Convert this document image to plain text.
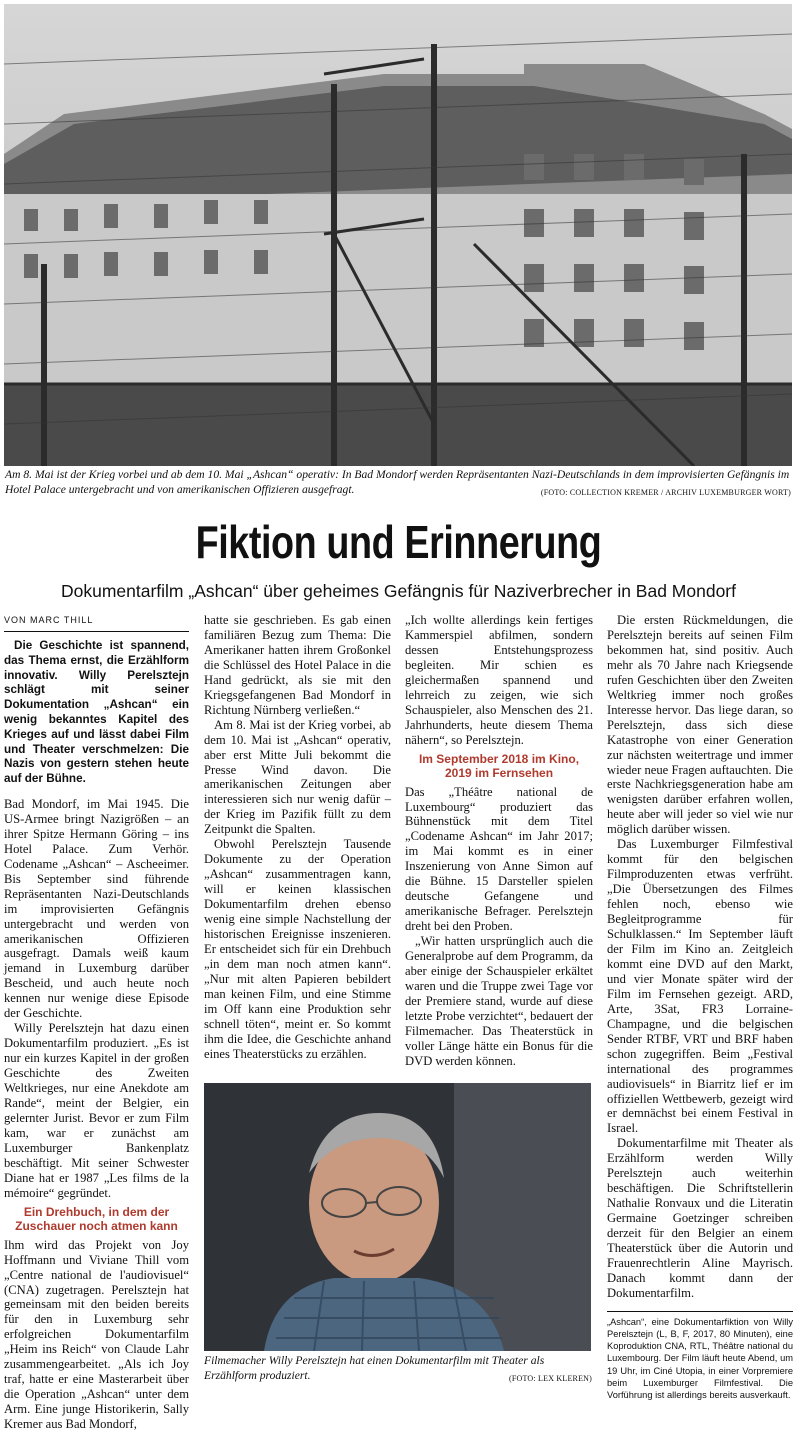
Am 8. Mai ist der Krieg vorbei und ab dem 10. Mai „Ashcan“ operativ: In Bad Mondorf werden Repräsentanten Nazi-Deutschlands in dem improvisierten Gefängnis im Hotel Palace untergebracht und von amerikanischen Offizieren ausgefragt.	(FOTO: COLLECTION KREMER / ARCHIV LUXEMBURGER WORT)
Fiktion und Erinnerung
Dokumentarfilm „Ashcan“ über geheimes Gefängnis für Naziverbrecher in Bad Mondorf
VON MARC THILL

Die Geschichte ist spannend, das Thema ernst, die Erzählform innovativ. Willy Perelsztejn schlägt mit seiner Dokumentation „Ashcan“ ein wenig bekanntes Kapitel des Krieges auf und lässt dabei Film und Theater verschmelzen: Die Nazis von gestern stehen heute auf der Bühne.

Bad Mondorf, im Mai 1945. Die US-Armee bringt Nazigrößen – an ihrer Spitze Hermann Göring – ins Hotel Palace. Zum Verhör. Codename „Ashcan“ – Ascheeimer. Bis September sind führende Repräsentanten Nazi-Deutschlands im improvisierten Gefängnis untergebracht und werden von amerikanischen Offizieren ausgefragt. Damals weiß kaum jemand in Luxemburg darüber Bescheid, und auch heute noch kennen nur wenige diese Episode der Geschichte.

Willy Perelsztejn hat dazu einen Dokumentarfilm produziert. „Es ist nur ein kurzes Kapitel in der großen Geschichte des Zweiten Weltkrieges, nur eine Anekdote am Rande“, meint der Belgier, ein gelernter Jurist. Bevor er zum Film kam, war er zunächst am Luxemburger Bankenplatz beschäftigt. Mit seiner Schwester Diane hat er 1987 „Les films de la mémoire“ gegründet.

Ein Drehbuch, in dem der Zuschauer noch atmen kann

Ihm wird das Projekt von Joy Hoffmann und Viviane Thill vom „Centre national de l'audiovisuel“ (CNA) zugetragen. Perelsztejn hat gemeinsam mit den beiden bereits für den in Luxemburg sehr erfolgreichen Dokumentarfilm „Heim ins Reich“ von Claude Lahr zusammengearbeitet. „Als ich Joy traf, hatte er eine Masterarbeit über die Operation „Ashcan“ unter dem Arm. Eine junge Historikerin, Sally Kremer aus Bad Mondorf,

hatte sie geschrieben. Es gab einen familiären Bezug zum Thema: Die Amerikaner hatten ihrem Großonkel die Schlüssel des Hotel Palace in die Hand gedrückt, als sie mit den Kriegsgefangenen Bad Mondorf in Richtung Nürnberg verließen.“

Am 8. Mai ist der Krieg vorbei, ab dem 10. Mai ist „Ashcan“ operativ, aber erst Mitte Juli bekommt die Presse Wind davon. Die amerikanischen Zeitungen aber interessieren sich nur wenig dafür – der Krieg im Pazifik füllt zu dem Zeitpunkt die Spalten.

Obwohl Perelsztejn Tausende Dokumente zu der Operation „Ashcan“ zusammentragen kann, will er keinen klassischen Dokumentarfilm drehen ebenso wenig eine simple Nachstellung der historischen Ereignisse inszenieren. Er entscheidet sich für ein Drehbuch „in dem man noch atmen kann“. „Nur mit alten Papieren bebildert man keinen Film, und eine Stimme im Off kann eine Produktion sehr schnell töten“, meint er. So kommt ihm die Idee, die Geschichte anhand eines Theaterstücks zu erzählen.

„Ich wollte allerdings kein fertiges Kammerspiel abfilmen, sondern dessen Entstehungsprozess begleiten. Mir schien es gleichermaßen spannend und lehrreich zu zeigen, wie sich Schauspieler, also Menschen des 21. Jahrhunderts, heute diesem Thema nähern“, so Perelsztejn.

Im September 2018 im Kino, 2019 im Fernsehen

Das „Théâtre national de Luxembourg“ produziert das Bühnenstück mit dem Titel „Codename Ashcan“ im Jahr 2017; im Mai kommt es in einer Inszenierung von Anne Simon auf die Bühne. 15 Darsteller spielen deutsche Gefangene und amerikanische Befrager. Perelsztejn dreht bei den Proben.

„Wir hatten ursprünglich auch die Generalprobe auf dem Programm, da aber einige der Schauspieler erkältet waren und die Truppe zwei Tage vor der Premiere stand, wurde auf diese letzte Probe verzichtet“, bedauert der Filmemacher. Das Theaterstück in voller Länge hätte ein Bonus für die DVD werden können.

Die ersten Rückmeldungen, die Perelsztejn bereits auf seinen Film bekommen hat, sind positiv. Auch mehr als 70 Jahre nach Kriegsende rufen Geschichten über den Zweiten Weltkrieg immer noch großes Interesse hervor. Das liege daran, so Perelsztejn, dass sich diese Katastrophe von einer Generation zur nächsten weitertrage und immer wieder neue Fragen auftauchten. Die erste Nachkriegsgeneration habe am wenigsten darüber erfahren wollen, heute aber will jeder so viel wie nur möglich darüber wissen.

Das Luxemburger Filmfestival kommt für den belgischen Filmproduzenten etwas verfrüht. „Die Übersetzungen des Filmes fehlen noch, ebenso wie Begleitprogramme für Schulklassen.“ Im September läuft der Film im Kino an. Zeitgleich kommt eine DVD auf den Markt, und vier Monate später wird der Film im Fernsehen gezeigt. ARD, Arte, 3Sat, FR3 Lorraine-Champagne, und die belgischen Sender RTBF, VRT und BRF haben schon zugegriffen. Beim „Festival international des programmes audiovisuels“ in Biarritz lief er im offiziellen Wettbewerb, gezeigt wird er demnächst bei einem Festival in Israel.

Dokumentarfilme mit Theater als Erzählform werden Willy Perelsztejn auch weiterhin beschäftigen. Die Schriftstellerin Nathalie Ronvaux und die Literatin Germaine Goetzinger schreiben derzeit für den Belgier an einem Theaterstück über die Autorin und Frauenrechtlerin Aline Mayrisch. Danach kommt dann der Dokumentarfilm.

„Ashcan“, eine Dokumentarfiktion von Willy Perelsztejn (L, B, F, 2017, 80 Minuten), eine Koproduktion CNA, RTL, Théâtre national du Luxembourg. Der Film läuft heute Abend, um 19 Uhr, im Ciné Utopia, in einer Vorpremiere beim Luxemburger Filmfestival. Die Vorführung ist allerdings bereits ausverkauft.
Filmemacher Willy Perelsztejn hat einen Dokumentarfilm mit Theater als Erzählform produziert.	(FOTO: LEX KLEREN)
